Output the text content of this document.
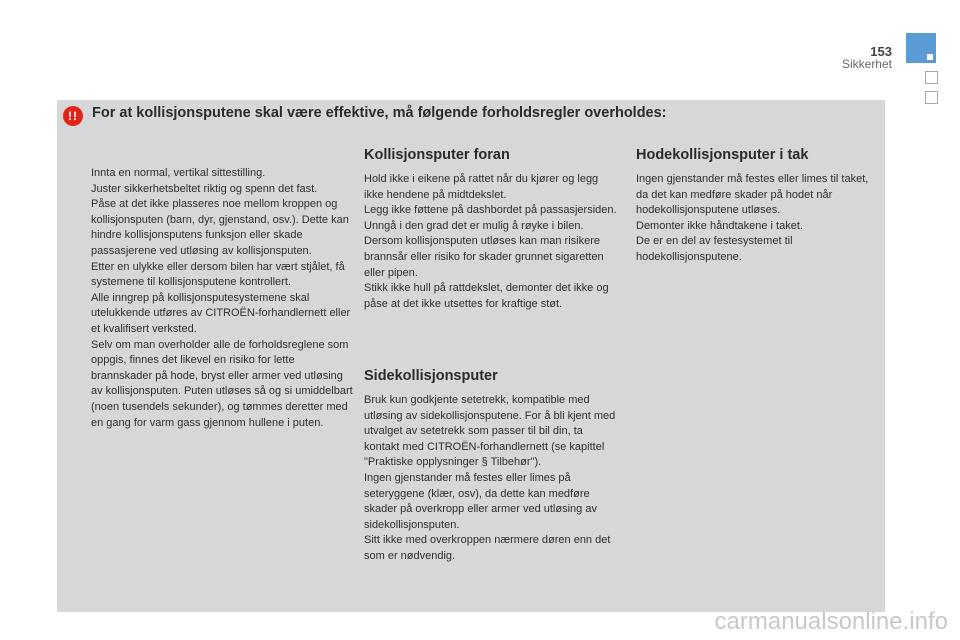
153
Sikkerhet
!! For at kollisjonsputene skal være effektive, må følgende forholdsregler overholdes:

Innta en normal, vertikal sittestilling.
Juster sikkerhetsbeltet riktig og spenn det fast.
Påse at det ikke plasseres noe mellom kroppen og kollisjonsputen (barn, dyr, gjenstand, osv.). Dette kan hindre kollisjonsputens funksjon eller skade passasjerene ved utløsing av kollisjonsputen.
Etter en ulykke eller dersom bilen har vært stjålet, få systemene til kollisjonsputene kontrollert.
Alle inngrep på kollisjonsputesystemene skal utelukkende utføres av CITROËN-forhandlernett eller et kvalifisert verksted.
Selv om man overholder alle de forholdsreglene som oppgis, finnes det likevel en risiko for lette brannskader på hode, bryst eller armer ved utløsing av kollisjonsputen. Puten utløses så og si umiddelbart (noen tusendels sekunder), og tømmes deretter med en gang for varm gass gjennom hullene i puten.

Kollisjonsputer foran

Hold ikke i eikene på rattet når du kjører og legg ikke hendene på midtdekslet.
Legg ikke føttene på dashbordet på passasjersiden.
Unngå i den grad det er mulig å røyke i bilen. Dersom kollisjonsputen utløses kan man risikere brannsår eller risiko for skader grunnet sigaretten eller pipen.
Stikk ikke hull på rattdekslet, demonter det ikke og påse at det ikke utsettes for kraftige støt.

Sidekollisjonsputer

Bruk kun godkjente setetrekk, kompatible med utløsing av sidekollisjonsputene. For å bli kjent med utvalget av setetrekk som passer til bil din, ta kontakt med CITROËN-forhandlernett (se kapittel "Praktiske opplysninger § Tilbehør").
Ingen gjenstander må festes eller limes på seteryggene (klær, osv), da dette kan medføre skader på overkropp eller armer ved utløsing av sidekollisjonsputen.
Sitt ikke med overkroppen nærmere døren enn det som er nødvendig.

Hodekollisjonsputer i tak

Ingen gjenstander må festes eller limes til taket, da det kan medføre skader på hodet når hodekollisjonsputene utløses.
Demonter ikke håndtakene i taket.
De er en del av festesystemet til hodekollisjonsputene.

carmanualsonline.info
